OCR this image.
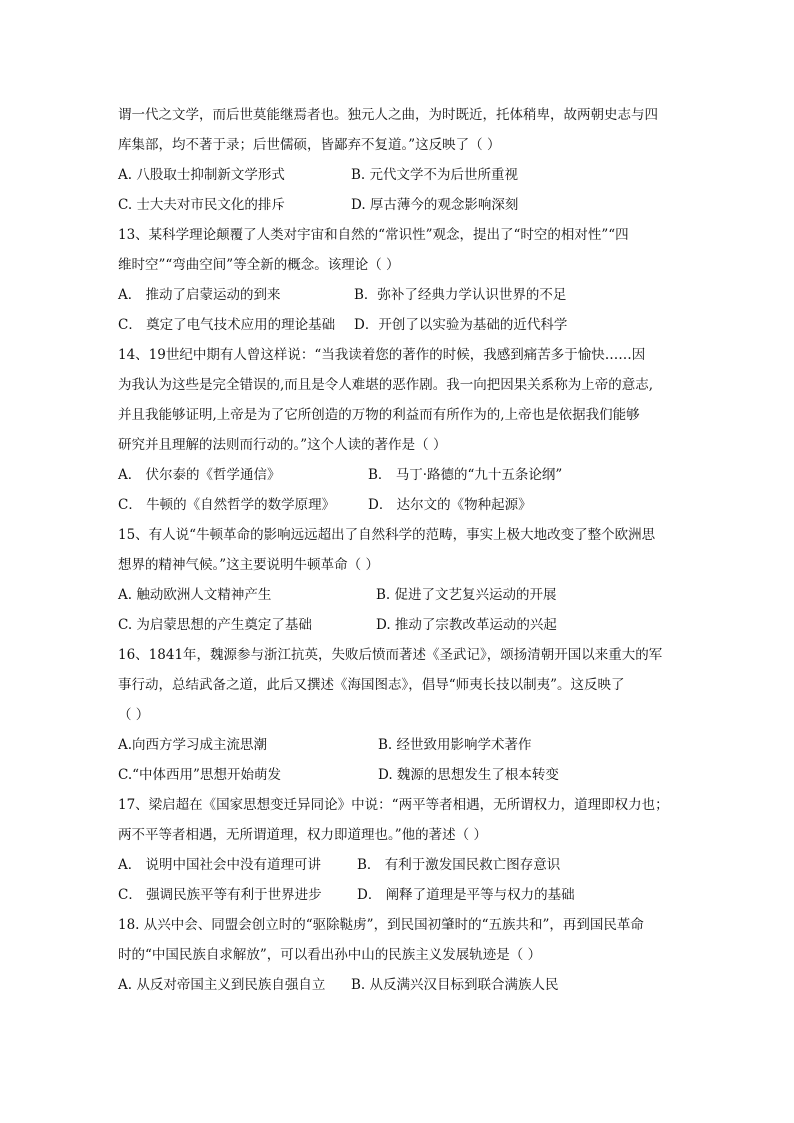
谓一代之文学，而后世莫能继焉者也。独元人之曲，为时既近，托体稍卑，故两朝史志与四
库集部，均不著于录；后世儒硕，皆鄙弃不复道。”这反映了（ ）
A. 八股取士抑制新文学形式	B. 元代文学不为后世所重视
C. 士大夫对市民文化的排斥	D. 厚古薄今的观念影响深刻
13、某科学理论颠覆了人类对宇宙和自然的“常识性”观念，提出了“时空的相对性”“四
维时空”“弯曲空间”等全新的概念。该理论（ ）
A． 推动了启蒙运动的到来	B．弥补了经典力学认识世界的不足
C． 奠定了电气技术应用的理论基础	D．开创了以实验为基础的近代科学
14、19世纪中期有人曾这样说：“当我读着您的著作的时候，我感到痛苦多于愉快……因
为我认为这些是完全错误的,而且是令人难堪的恶作剧。我一向把因果关系称为上帝的意志,
并且我能够证明,上帝是为了它所创造的万物的利益而有所作为的,上帝也是依据我们能够
研究并且理解的法则而行动的。”这个人读的著作是（ ）
A． 伏尔泰的《哲学通信》	B． 马丁·路德的“九十五条论纲”
C． 牛顿的《自然哲学的数学原理》	D． 达尔文的《物种起源》
15、有人说“牛顿革命的影响远远超出了自然科学的范畴，事实上极大地改变了整个欧洲思
想界的精神气候。”这主要说明牛顿革命（ ）
A. 触动欧洲人文精神产生	B. 促进了文艺复兴运动的开展
C. 为启蒙思想的产生奠定了基础	D. 推动了宗教改革运动的兴起
16、1841年，魏源参与浙江抗英，失败后愤而著述《圣武记》，颂扬清朝开国以来重大的军
事行动，总结武备之道，此后又撰述《海国图志》，倡导“师夷长技以制夷”。这反映了
（ ）
A.向西方学习成主流思潮	B. 经世致用影响学术著作
C.“中体西用”思想开始萌发	D. 魏源的思想发生了根本转变
17、梁启超在《国家思想变迁异同论》中说：“两平等者相遇，无所谓权力，道理即权力也；
两不平等者相遇，无所谓道理，权力即道理也。”他的著述（ ）
A． 说明中国社会中没有道理可讲	B． 有利于激发国民救亡图存意识
C． 强调民族平等有利于世界进步	D． 阐释了道理是平等与权力的基础
18. 从兴中会、同盟会创立时的“驱除鞑虏”，到民国初肇时的“五族共和”，再到国民革命
时的“中国民族自求解放”，可以看出孙中山的民族主义发展轨迹是（ ）
A. 从反对帝国主义到民族自强自立	B. 从反满兴汉目标到联合满族人民
